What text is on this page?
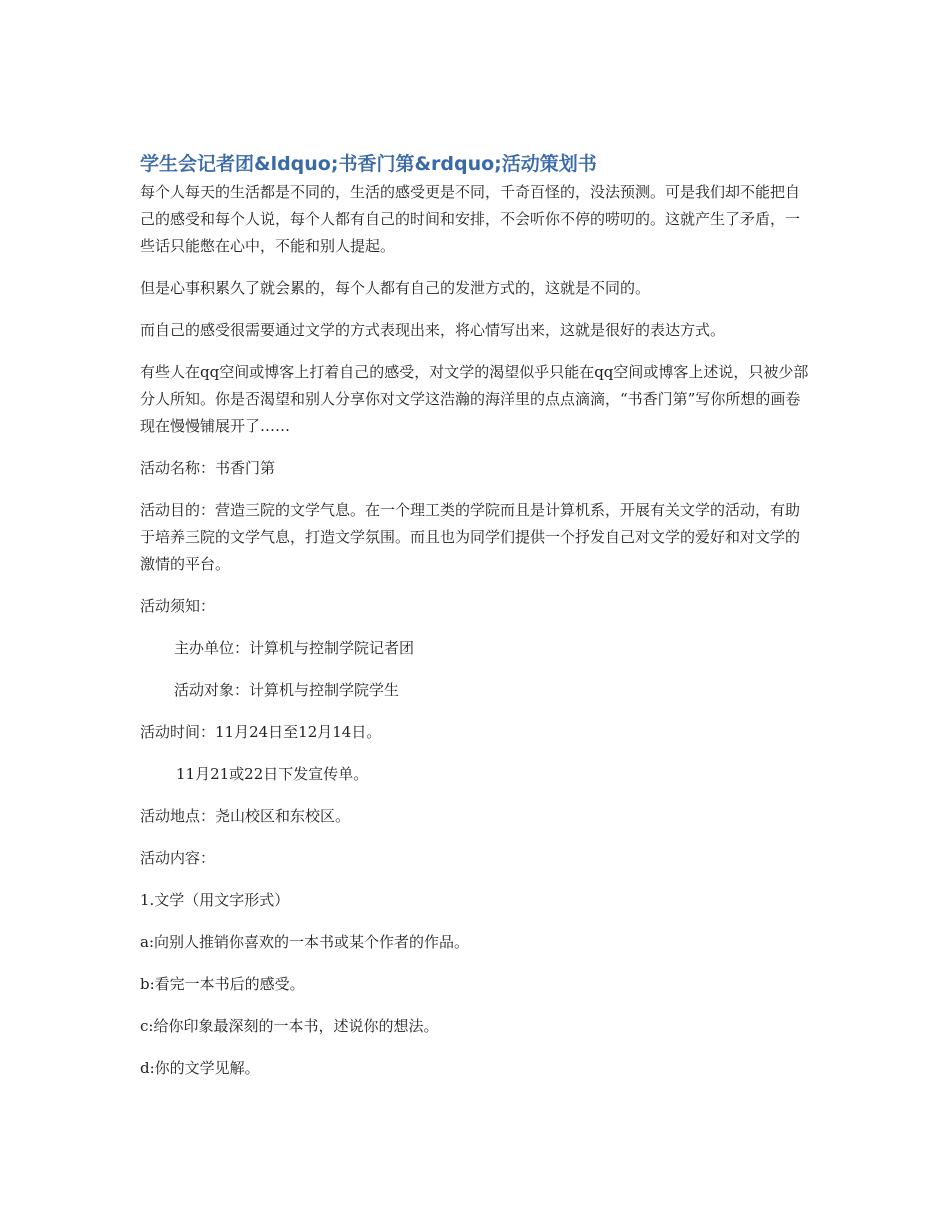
学生会记者团&ldquo;书香门第&rdquo;活动策划书

每个人每天的生活都是不同的，生活的感受更是不同，千奇百怪的，没法预测。可是我们却不能把自己的感受和每个人说，每个人都有自己的时间和安排，不会听你不停的唠叨的。这就产生了矛盾，一些话只能憋在心中，不能和别人提起。

但是心事积累久了就会累的，每个人都有自己的发泄方式的，这就是不同的。

而自己的感受很需要通过文学的方式表现出来，将心情写出来，这就是很好的表达方式。

有些人在qq空间或博客上打着自己的感受，对文学的渴望似乎只能在qq空间或博客上述说，只被少部分人所知。你是否渴望和别人分享你对文学这浩瀚的海洋里的点点滴滴，“书香门第”写你所想的画卷现在慢慢铺展开了……

活动名称：书香门第

活动目的：营造三院的文学气息。在一个理工类的学院而且是计算机系，开展有关文学的活动，有助于培养三院的文学气息，打造文学氛围。而且也为同学们提供一个抒发自己对文学的爱好和对文学的激情的平台。

活动须知：

主办单位：计算机与控制学院记者团

活动对象：计算机与控制学院学生

活动时间：11月24日至12月14日。

11月21或22日下发宣传单。

活动地点：尧山校区和东校区。

活动内容：

1.文学（用文字形式）

a:向别人推销你喜欢的一本书或某个作者的作品。

b:看完一本书后的感受。

c:给你印象最深刻的一本书，述说你的想法。

d:你的文学见解。
